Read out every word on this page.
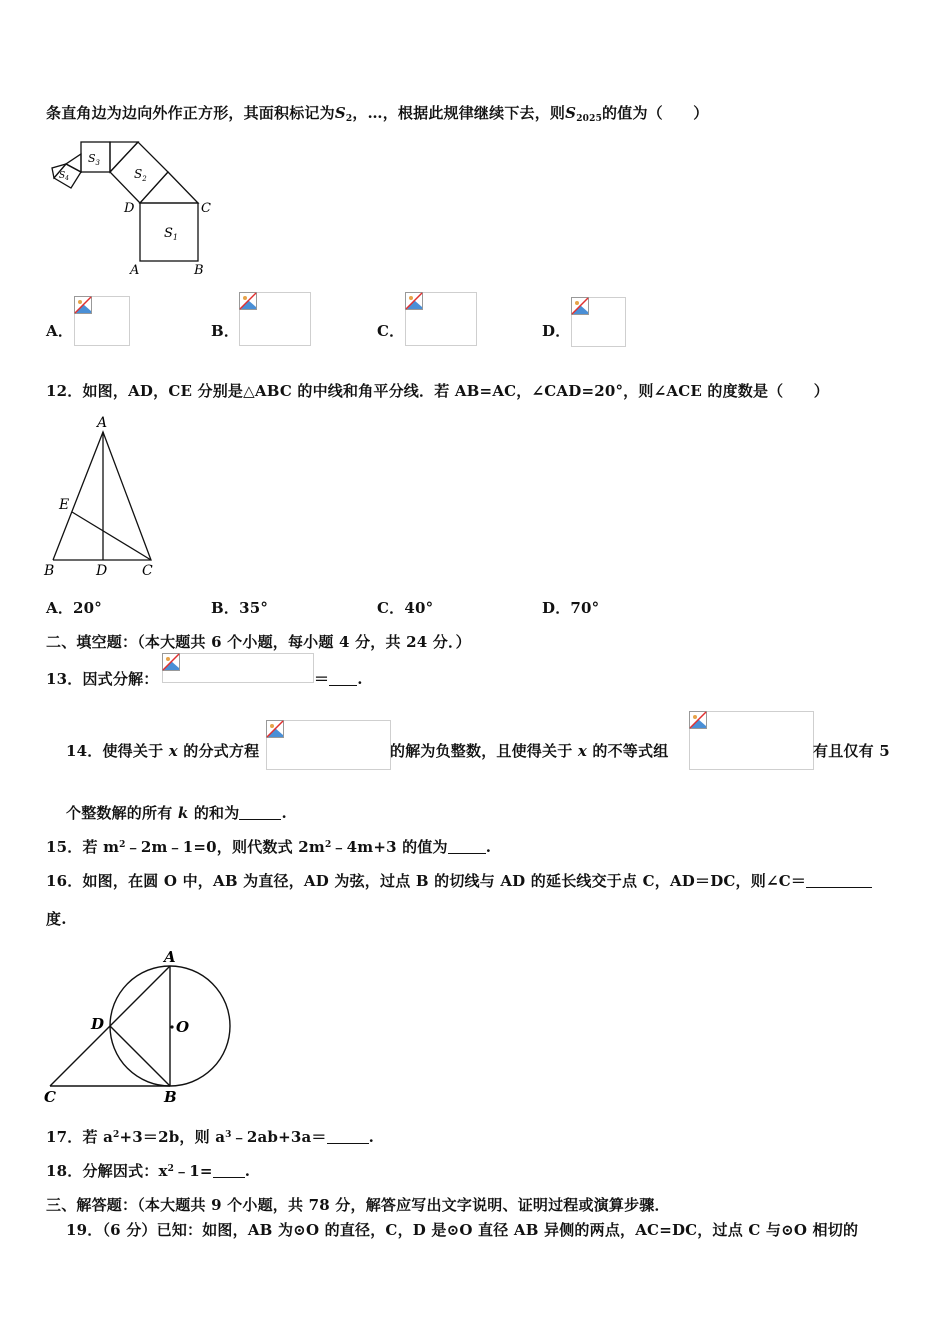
条直角边为边向外作正方形，其面积标记为$S_2$，…，根据此规律继续下去，则$S_{2025}$的值为（　　）
$S_1$
$S_2$
$S_3$
$S_4$
D	C
A	B
A．	B．	C．	D．
12．如图，AD，CE 分别是△ABC 的中线和角平分线．若 AB=AC，∠CAD=20°，则∠ACE 的度数是（　　）
A
E
B	D C
A．20°	B．35°	C．40°	D．70°
二、填空题：（本大题共 6 个小题，每小题 4 分，共 24 分．）
13．因式分解：	＝ .
14．使得关于 x 的分式方程	的解为负整数，且使得关于 x 的不等式组	有且仅有 5
个整数解的所有 k 的和为	.
15．若 $m^2﹣2m﹣1=0$，则代数式 $2m^2﹣4m+3$ 的值为	.
16．如图，在圆 O 中，AB 为直径，AD 为弦，过点 B 的切线与 AD 的延长线交于点 C，AD＝DC，则∠C＝
度.
A
O
D
C	B
17．若 $a^2+3=2b$，则 $a^3﹣2ab+3a=$	.
18．分解因式：$x^2﹣1=$ .
三、解答题：（本大题共 9 个小题，共 78 分，解答应写出文字说明、证明过程或演算步骤．
19．（6 分）已知：如图，AB 为⊙O 的直径，C，D 是⊙O 直径 AB 异侧的两点，AC=DC，过点 C 与⊙O 相切的
